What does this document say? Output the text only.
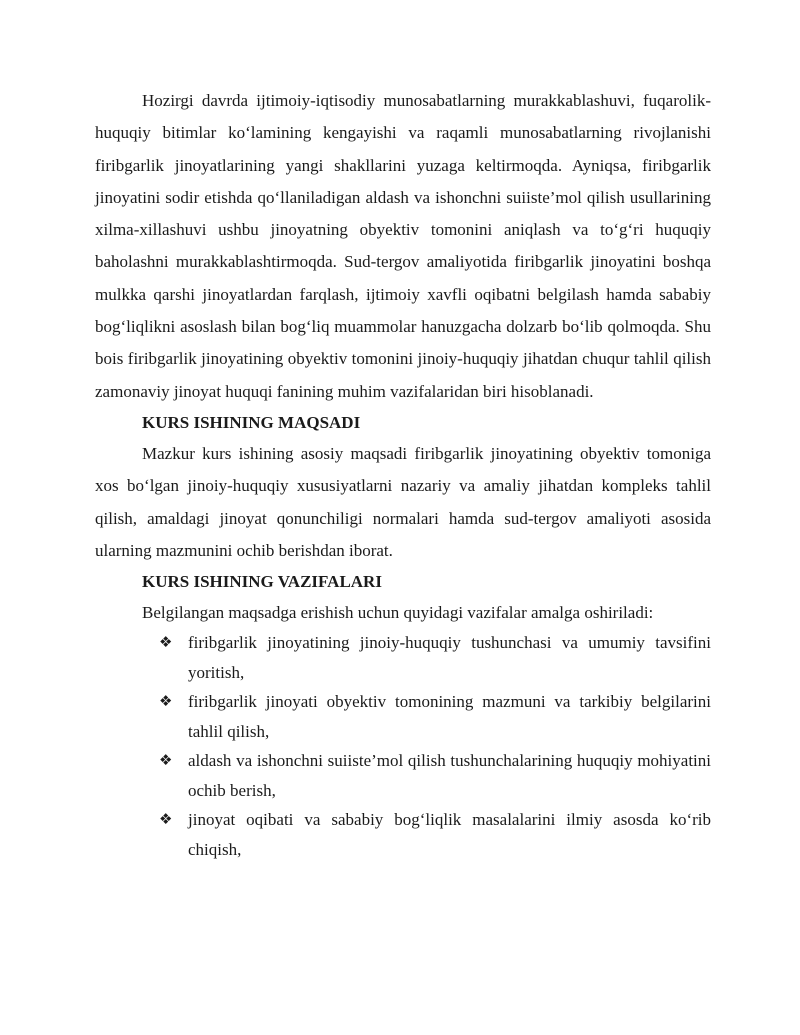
Hozirgi davrda ijtimoiy-iqtisodiy munosabatlarning murakkablashuvi, fuqarolik-huquqiy bitimlar ko‘lamining kengayishi va raqamli munosabatlarning rivojlanishi firibgarlik jinoyatlarining yangi shakllarini yuzaga keltirmoqda. Ayniqsa, firibgarlik jinoyatini sodir etishda qo‘llaniladigan aldash va ishonchni suiiste’mol qilish usullarining xilma-xillashuvi ushbu jinoyatning obyektiv tomonini aniqlash va to‘g‘ri huquqiy baholashni murakkablashtirmoqda. Sud-tergov amaliyotida firibgarlik jinoyatini boshqa mulkka qarshi jinoyatlardan farqlash, ijtimoiy xavfli oqibatni belgilash hamda sababiy bog‘liqlikni asoslash bilan bog‘liq muammolar hanuzgacha dolzarb bo‘lib qolmoqda. Shu bois firibgarlik jinoyatining obyektiv tomonini jinoiy-huquqiy jihatdan chuqur tahlil qilish zamonaviy jinoyat huquqi fanining muhim vazifalaridan biri hisoblanadi.

KURS ISHINING MAQSADI

Mazkur kurs ishining asosiy maqsadi firibgarlik jinoyatining obyektiv tomoniga xos bo‘lgan jinoiy-huquqiy xususiyatlarni nazariy va amaliy jihatdan kompleks tahlil qilish, amaldagi jinoyat qonunchiligi normalari hamda sud-tergov amaliyoti asosida ularning mazmunini ochib berishdan iborat.

KURS ISHINING VAZIFALARI

Belgilangan maqsadga erishish uchun quyidagi vazifalar amalga oshiriladi:

❖ firibgarlik jinoyatining jinoiy-huquqiy tushunchasi va umumiy tavsifini yoritish,
❖ firibgarlik jinoyati obyektiv tomonining mazmuni va tarkibiy belgilarini tahlil qilish,
❖ aldash va ishonchni suiiste’mol qilish tushunchalarining huquqiy mohiyatini ochib berish,
❖ jinoyat oqibati va sababiy bog‘liqlik masalalarini ilmiy asosda ko‘rib chiqish,
